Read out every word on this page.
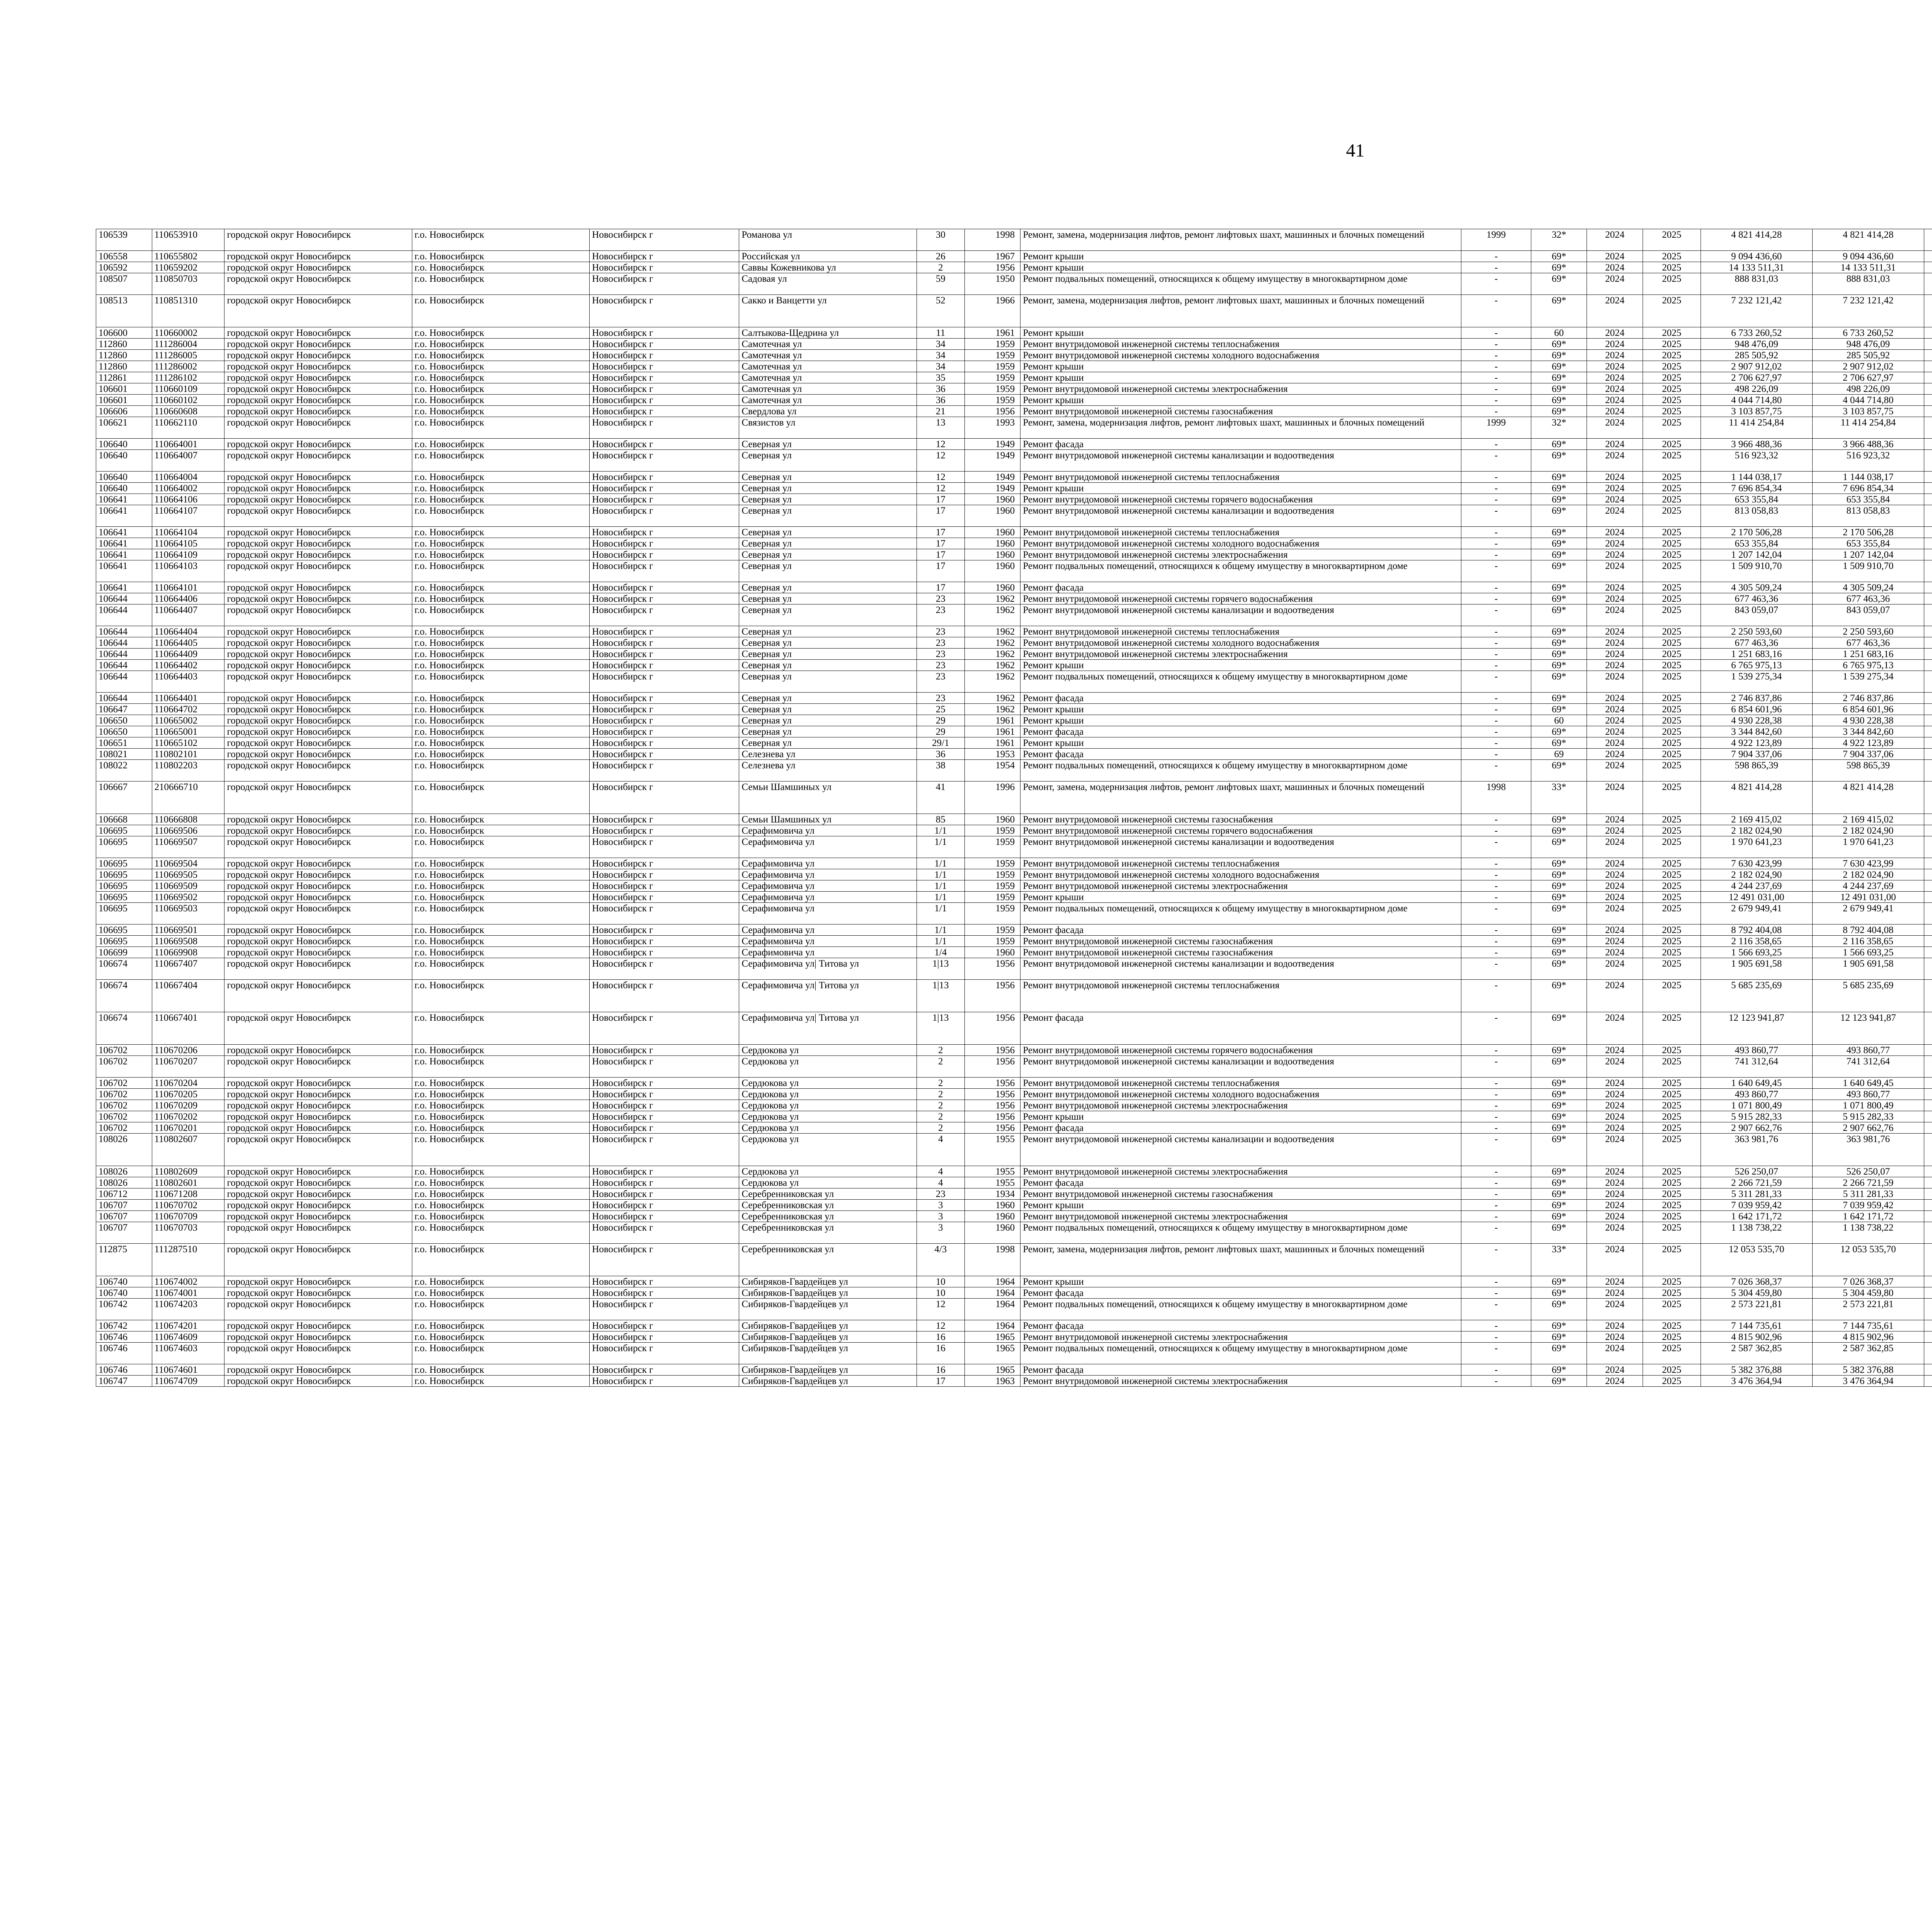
41
106539	110653910	городской округ Новосибирск	г.о. Новосибирск	Новосибирск г	Романова ул	30	1998	Ремонт, замена, модернизация лифтов, ремонт лифтовых шахт, машинных и блочных помещений	1999	32*	2024	2025	4 821 414,28	4 821 414,28						
106558	110655802	городской округ Новосибирск	г.о. Новосибирск	Новосибирск г	Российская ул	26	1967	Ремонт крыши	-	69*	2024	2025	9 094 436,60	9 094 436,60						
106592	110659202	городской округ Новосибирск	г.о. Новосибирск	Новосибирск г	Саввы Кожевникова ул	2	1956	Ремонт крыши	-	69*	2024	2025	14 133 511,31	14 133 511,31						
108507	110850703	городской округ Новосибирск	г.о. Новосибирск	Новосибирск г	Садовая ул	59	1950	Ремонт подвальных помещений, относящихся к общему имуществу в многоквартирном доме	-	69*	2024	2025	888 831,03	888 831,03						
108513	110851310	городской округ Новосибирск	г.о. Новосибирск	Новосибирск г	Сакко и Ванцетти ул	52	1966	Ремонт, замена, модернизация лифтов, ремонт лифтовых шахт, машинных и блочных помещений	-	69*	2024	2025	7 232 121,42	7 232 121,42						
106600	110660002	городской округ Новосибирск	г.о. Новосибирск	Новосибирск г	Салтыкова-Щедрина ул	11	1961	Ремонт крыши	-	60	2024	2025	6 733 260,52	6 733 260,52						
112860	111286004	городской округ Новосибирск	г.о. Новосибирск	Новосибирск г	Самотечная ул	34	1959	Ремонт внутридомовой инженерной системы теплоснабжения	-	69*	2024	2025	948 476,09	948 476,09						
112860	111286005	городской округ Новосибирск	г.о. Новосибирск	Новосибирск г	Самотечная ул	34	1959	Ремонт внутридомовой инженерной системы холодного водоснабжения	-	69*	2024	2025	285 505,92	285 505,92						
112860	111286002	городской округ Новосибирск	г.о. Новосибирск	Новосибирск г	Самотечная ул	34	1959	Ремонт крыши	-	69*	2024	2025	2 907 912,02	2 907 912,02						
112861	111286102	городской округ Новосибирск	г.о. Новосибирск	Новосибирск г	Самотечная ул	35	1959	Ремонт крыши	-	69*	2024	2025	2 706 627,97	2 706 627,97						
106601	110660109	городской округ Новосибирск	г.о. Новосибирск	Новосибирск г	Самотечная ул	36	1959	Ремонт внутридомовой инженерной системы электроснабжения	-	69*	2024	2025	498 226,09	498 226,09						
106601	110660102	городской округ Новосибирск	г.о. Новосибирск	Новосибирск г	Самотечная ул	36	1959	Ремонт крыши	-	69*	2024	2025	4 044 714,80	4 044 714,80						
106606	110660608	городской округ Новосибирск	г.о. Новосибирск	Новосибирск г	Свердлова ул	21	1956	Ремонт внутридомовой инженерной системы газоснабжения	-	69*	2024	2025	3 103 857,75	3 103 857,75						
106621	110662110	городской округ Новосибирск	г.о. Новосибирск	Новосибирск г	Связистов ул	13	1993	Ремонт, замена, модернизация лифтов, ремонт лифтовых шахт, машинных и блочных помещений	1999	32*	2024	2025	11 414 254,84	11 414 254,84						
106640	110664001	городской округ Новосибирск	г.о. Новосибирск	Новосибирск г	Северная ул	12	1949	Ремонт фасада	-	69*	2024	2025	3 966 488,36	3 966 488,36						
106640	110664007	городской округ Новосибирск	г.о. Новосибирск	Новосибирск г	Северная ул	12	1949	Ремонт внутридомовой инженерной системы канализации и водоотведения	-	69*	2024	2025	516 923,32	516 923,32						
106640	110664004	городской округ Новосибирск	г.о. Новосибирск	Новосибирск г	Северная ул	12	1949	Ремонт внутридомовой инженерной системы теплоснабжения	-	69*	2024	2025	1 144 038,17	1 144 038,17						
106640	110664002	городской округ Новосибирск	г.о. Новосибирск	Новосибирск г	Северная ул	12	1949	Ремонт крыши	-	69*	2024	2025	7 696 854,34	7 696 854,34						
106641	110664106	городской округ Новосибирск	г.о. Новосибирск	Новосибирск г	Северная ул	17	1960	Ремонт внутридомовой инженерной системы горячего водоснабжения	-	69*	2024	2025	653 355,84	653 355,84						
106641	110664107	городской округ Новосибирск	г.о. Новосибирск	Новосибирск г	Северная ул	17	1960	Ремонт внутридомовой инженерной системы канализации и водоотведения	-	69*	2024	2025	813 058,83	813 058,83						
106641	110664104	городской округ Новосибирск	г.о. Новосибирск	Новосибирск г	Северная ул	17	1960	Ремонт внутридомовой инженерной системы теплоснабжения	-	69*	2024	2025	2 170 506,28	2 170 506,28						
106641	110664105	городской округ Новосибирск	г.о. Новосибирск	Новосибирск г	Северная ул	17	1960	Ремонт внутридомовой инженерной системы холодного водоснабжения	-	69*	2024	2025	653 355,84	653 355,84						
106641	110664109	городской округ Новосибирск	г.о. Новосибирск	Новосибирск г	Северная ул	17	1960	Ремонт внутридомовой инженерной системы электроснабжения	-	69*	2024	2025	1 207 142,04	1 207 142,04						
106641	110664103	городской округ Новосибирск	г.о. Новосибирск	Новосибирск г	Северная ул	17	1960	Ремонт подвальных помещений, относящихся к общему имуществу в многоквартирном доме	-	69*	2024	2025	1 509 910,70	1 509 910,70						
106641	110664101	городской округ Новосибирск	г.о. Новосибирск	Новосибирск г	Северная ул	17	1960	Ремонт фасада	-	69*	2024	2025	4 305 509,24	4 305 509,24						
106644	110664406	городской округ Новосибирск	г.о. Новосибирск	Новосибирск г	Северная ул	23	1962	Ремонт внутридомовой инженерной системы горячего водоснабжения	-	69*	2024	2025	677 463,36	677 463,36						
106644	110664407	городской округ Новосибирск	г.о. Новосибирск	Новосибирск г	Северная ул	23	1962	Ремонт внутридомовой инженерной системы канализации и водоотведения	-	69*	2024	2025	843 059,07	843 059,07						
106644	110664404	городской округ Новосибирск	г.о. Новосибирск	Новосибирск г	Северная ул	23	1962	Ремонт внутридомовой инженерной системы теплоснабжения	-	69*	2024	2025	2 250 593,60	2 250 593,60						
106644	110664405	городской округ Новосибирск	г.о. Новосибирск	Новосибирск г	Северная ул	23	1962	Ремонт внутридомовой инженерной системы холодного водоснабжения	-	69*	2024	2025	677 463,36	677 463,36						
106644	110664409	городской округ Новосибирск	г.о. Новосибирск	Новосибирск г	Северная ул	23	1962	Ремонт внутридомовой инженерной системы электроснабжения	-	69*	2024	2025	1 251 683,16	1 251 683,16						
106644	110664402	городской округ Новосибирск	г.о. Новосибирск	Новосибирск г	Северная ул	23	1962	Ремонт крыши	-	69*	2024	2025	6 765 975,13	6 765 975,13						
106644	110664403	городской округ Новосибирск	г.о. Новосибирск	Новосибирск г	Северная ул	23	1962	Ремонт подвальных помещений, относящихся к общему имуществу в многоквартирном доме	-	69*	2024	2025	1 539 275,34	1 539 275,34						
106644	110664401	городской округ Новосибирск	г.о. Новосибирск	Новосибирск г	Северная ул	23	1962	Ремонт фасада	-	69*	2024	2025	2 746 837,86	2 746 837,86						
106647	110664702	городской округ Новосибирск	г.о. Новосибирск	Новосибирск г	Северная ул	25	1962	Ремонт крыши	-	69*	2024	2025	6 854 601,96	6 854 601,96						
106650	110665002	городской округ Новосибирск	г.о. Новосибирск	Новосибирск г	Северная ул	29	1961	Ремонт крыши	-	60	2024	2025	4 930 228,38	4 930 228,38						
106650	110665001	городской округ Новосибирск	г.о. Новосибирск	Новосибирск г	Северная ул	29	1961	Ремонт фасада	-	69*	2024	2025	3 344 842,60	3 344 842,60						
106651	110665102	городской округ Новосибирск	г.о. Новосибирск	Новосибирск г	Северная ул	29/1	1961	Ремонт крыши	-	69*	2024	2025	4 922 123,89	4 922 123,89						
108021	110802101	городской округ Новосибирск	г.о. Новосибирск	Новосибирск г	Селезнева ул	36	1953	Ремонт фасада	-	69	2024	2025	7 904 337,06	7 904 337,06						
108022	110802203	городской округ Новосибирск	г.о. Новосибирск	Новосибирск г	Селезнева ул	38	1954	Ремонт подвальных помещений, относящихся к общему имуществу в многоквартирном доме	-	69*	2024	2025	598 865,39	598 865,39						
106667	210666710	городской округ Новосибирск	г.о. Новосибирск	Новосибирск г	Семьи Шамшиных ул	41	1996	Ремонт, замена, модернизация лифтов, ремонт лифтовых шахт, машинных и блочных помещений	1998	33*	2024	2025	4 821 414,28	4 821 414,28						
106668	110666808	городской округ Новосибирск	г.о. Новосибирск	Новосибирск г	Семьи Шамшиных ул	85	1960	Ремонт внутридомовой инженерной системы газоснабжения	-	69*	2024	2025	2 169 415,02	2 169 415,02						
106695	110669506	городской округ Новосибирск	г.о. Новосибирск	Новосибирск г	Серафимовича ул	1/1	1959	Ремонт внутридомовой инженерной системы горячего водоснабжения	-	69*	2024	2025	2 182 024,90	2 182 024,90						
106695	110669507	городской округ Новосибирск	г.о. Новосибирск	Новосибирск г	Серафимовича ул	1/1	1959	Ремонт внутридомовой инженерной системы канализации и водоотведения	-	69*	2024	2025	1 970 641,23	1 970 641,23						
106695	110669504	городской округ Новосибирск	г.о. Новосибирск	Новосибирск г	Серафимовича ул	1/1	1959	Ремонт внутридомовой инженерной системы теплоснабжения	-	69*	2024	2025	7 630 423,99	7 630 423,99						
106695	110669505	городской округ Новосибирск	г.о. Новосибирск	Новосибирск г	Серафимовича ул	1/1	1959	Ремонт внутридомовой инженерной системы холодного водоснабжения	-	69*	2024	2025	2 182 024,90	2 182 024,90						
106695	110669509	городской округ Новосибирск	г.о. Новосибирск	Новосибирск г	Серафимовича ул	1/1	1959	Ремонт внутридомовой инженерной системы электроснабжения	-	69*	2024	2025	4 244 237,69	4 244 237,69						
106695	110669502	городской округ Новосибирск	г.о. Новосибирск	Новосибирск г	Серафимовича ул	1/1	1959	Ремонт крыши	-	69*	2024	2025	12 491 031,00	12 491 031,00						
106695	110669503	городской округ Новосибирск	г.о. Новосибирск	Новосибирск г	Серафимовича ул	1/1	1959	Ремонт подвальных помещений, относящихся к общему имуществу в многоквартирном доме	-	69*	2024	2025	2 679 949,41	2 679 949,41						
106695	110669501	городской округ Новосибирск	г.о. Новосибирск	Новосибирск г	Серафимовича ул	1/1	1959	Ремонт фасада	-	69*	2024	2025	8 792 404,08	8 792 404,08						
106695	110669508	городской округ Новосибирск	г.о. Новосибирск	Новосибирск г	Серафимовича ул	1/1	1959	Ремонт внутридомовой инженерной системы газоснабжения	-	69*	2024	2025	2 116 358,65	2 116 358,65						
106699	110669908	городской округ Новосибирск	г.о. Новосибирск	Новосибирск г	Серафимовича ул	1/4	1960	Ремонт внутридомовой инженерной системы газоснабжения	-	69*	2024	2025	1 566 693,25	1 566 693,25						
106674	110667407	городской округ Новосибирск	г.о. Новосибирск	Новосибирск г	Серафимовича ул| Титова ул	1|13	1956	Ремонт внутридомовой инженерной системы канализации и водоотведения	-	69*	2024	2025	1 905 691,58	1 905 691,58						
106674	110667404	городской округ Новосибирск	г.о. Новосибирск	Новосибирск г	Серафимовича ул| Титова ул	1|13	1956	Ремонт внутридомовой инженерной системы теплоснабжения	-	69*	2024	2025	5 685 235,69	5 685 235,69						
106674	110667401	городской округ Новосибирск	г.о. Новосибирск	Новосибирск г	Серафимовича ул| Титова ул	1|13	1956	Ремонт фасада	-	69*	2024	2025	12 123 941,87	12 123 941,87						
106702	110670206	городской округ Новосибирск	г.о. Новосибирск	Новосибирск г	Сердюкова ул	2	1956	Ремонт внутридомовой инженерной системы горячего водоснабжения	-	69*	2024	2025	493 860,77	493 860,77						
106702	110670207	городской округ Новосибирск	г.о. Новосибирск	Новосибирск г	Сердюкова ул	2	1956	Ремонт внутридомовой инженерной системы канализации и водоотведения	-	69*	2024	2025	741 312,64	741 312,64						
106702	110670204	городской округ Новосибирск	г.о. Новосибирск	Новосибирск г	Сердюкова ул	2	1956	Ремонт внутридомовой инженерной системы теплоснабжения	-	69*	2024	2025	1 640 649,45	1 640 649,45						
106702	110670205	городской округ Новосибирск	г.о. Новосибирск	Новосибирск г	Сердюкова ул	2	1956	Ремонт внутридомовой инженерной системы холодного водоснабжения	-	69*	2024	2025	493 860,77	493 860,77						
106702	110670209	городской округ Новосибирск	г.о. Новосибирск	Новосибирск г	Сердюкова ул	2	1956	Ремонт внутридомовой инженерной системы электроснабжения	-	69*	2024	2025	1 071 800,49	1 071 800,49						
106702	110670202	городской округ Новосибирск	г.о. Новосибирск	Новосибирск г	Сердюкова ул	2	1956	Ремонт крыши	-	69*	2024	2025	5 915 282,33	5 915 282,33						
106702	110670201	городской округ Новосибирск	г.о. Новосибирск	Новосибирск г	Сердюкова ул	2	1956	Ремонт фасада	-	69*	2024	2025	2 907 662,76	2 907 662,76						
108026	110802607	городской округ Новосибирск	г.о. Новосибирск	Новосибирск г	Сердюкова ул	4	1955	Ремонт внутридомовой инженерной системы канализации и водоотведения	-	69*	2024	2025	363 981,76	363 981,76						
108026	110802609	городской округ Новосибирск	г.о. Новосибирск	Новосибирск г	Сердюкова ул	4	1955	Ремонт внутридомовой инженерной системы электроснабжения	-	69*	2024	2025	526 250,07	526 250,07						
108026	110802601	городской округ Новосибирск	г.о. Новосибирск	Новосибирск г	Сердюкова ул	4	1955	Ремонт фасада	-	69*	2024	2025	2 266 721,59	2 266 721,59						
106712	110671208	городской округ Новосибирск	г.о. Новосибирск	Новосибирск г	Серебренниковская ул	23	1934	Ремонт внутридомовой инженерной системы газоснабжения	-	69*	2024	2025	5 311 281,33	5 311 281,33						
106707	110670702	городской округ Новосибирск	г.о. Новосибирск	Новосибирск г	Серебренниковская ул	3	1960	Ремонт крыши	-	69*	2024	2025	7 039 959,42	7 039 959,42						
106707	110670709	городской округ Новосибирск	г.о. Новосибирск	Новосибирск г	Серебренниковская ул	3	1960	Ремонт внутридомовой инженерной системы электроснабжения	-	69*	2024	2025	1 642 171,72	1 642 171,72						
106707	110670703	городской округ Новосибирск	г.о. Новосибирск	Новосибирск г	Серебренниковская ул	3	1960	Ремонт подвальных помещений, относящихся к общему имуществу в многоквартирном доме	-	69*	2024	2025	1 138 738,22	1 138 738,22						
112875	111287510	городской округ Новосибирск	г.о. Новосибирск	Новосибирск г	Серебренниковская ул	4/3	1998	Ремонт, замена, модернизация лифтов, ремонт лифтовых шахт, машинных и блочных помещений	-	33*	2024	2025	12 053 535,70	12 053 535,70						
106740	110674002	городской округ Новосибирск	г.о. Новосибирск	Новосибирск г	Сибиряков-Гвардейцев ул	10	1964	Ремонт крыши	-	69*	2024	2025	7 026 368,37	7 026 368,37						
106740	110674001	городской округ Новосибирск	г.о. Новосибирск	Новосибирск г	Сибиряков-Гвардейцев ул	10	1964	Ремонт фасада	-	69*	2024	2025	5 304 459,80	5 304 459,80						
106742	110674203	городской округ Новосибирск	г.о. Новосибирск	Новосибирск г	Сибиряков-Гвардейцев ул	12	1964	Ремонт подвальных помещений, относящихся к общему имуществу в многоквартирном доме	-	69*	2024	2025	2 573 221,81	2 573 221,81						
106742	110674201	городской округ Новосибирск	г.о. Новосибирск	Новосибирск г	Сибиряков-Гвардейцев ул	12	1964	Ремонт фасада	-	69*	2024	2025	7 144 735,61	7 144 735,61						
106746	110674609	городской округ Новосибирск	г.о. Новосибирск	Новосибирск г	Сибиряков-Гвардейцев ул	16	1965	Ремонт внутридомовой инженерной системы электроснабжения	-	69*	2024	2025	4 815 902,96	4 815 902,96						
106746	110674603	городской округ Новосибирск	г.о. Новосибирск	Новосибирск г	Сибиряков-Гвардейцев ул	16	1965	Ремонт подвальных помещений, относящихся к общему имуществу в многоквартирном доме	-	69*	2024	2025	2 587 362,85	2 587 362,85						
106746	110674601	городской округ Новосибирск	г.о. Новосибирск	Новосибирск г	Сибиряков-Гвардейцев ул	16	1965	Ремонт фасада	-	69*	2024	2025	5 382 376,88	5 382 376,88						
106747	110674709	городской округ Новосибирск	г.о. Новосибирск	Новосибирск г	Сибиряков-Гвардейцев ул	17	1963	Ремонт внутридомовой инженерной системы электроснабжения	-	69*	2024	2025	3 476 364,94	3 476 364,94						
